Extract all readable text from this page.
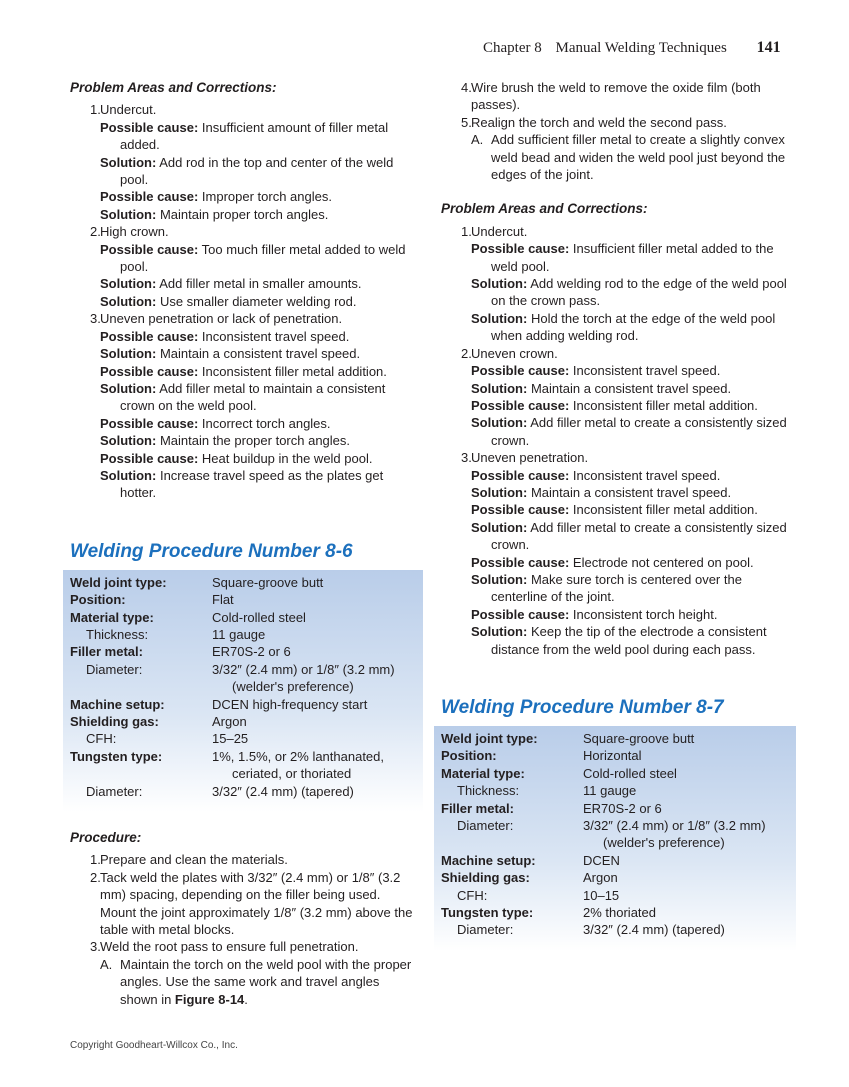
Chapter 8 Manual Welding Techniques 141
Problem Areas and Corrections:
1.Undercut.
Possible cause: Insufficient amount of filler metal added.
Solution: Add rod in the top and center of the weld pool.
Possible cause: Improper torch angles.
Solution: Maintain proper torch angles.
2.High crown.
Possible cause: Too much filler metal added to weld pool.
Solution: Add filler metal in smaller amounts.
Solution: Use smaller diameter welding rod.
3.Uneven penetration or lack of penetration.
Possible cause: Inconsistent travel speed.
Solution: Maintain a consistent travel speed.
Possible cause: Inconsistent filler metal addition.
Solution: Add filler metal to maintain a consistent crown on the weld pool.
Possible cause: Incorrect torch angles.
Solution: Maintain the proper torch angles.
Possible cause: Heat buildup in the weld pool.
Solution: Increase travel speed as the plates get hotter.
Welding Procedure Number 8-6
Weld joint type:	Square-groove butt
Position:	Flat
Material type:	Cold-rolled steel
Thickness:	11 gauge
Filler metal:	ER70S-2 or 6
Diameter:	3/32″ (2.4 mm) or 1/8″ (3.2 mm) (welder's preference)
Machine setup:	DCEN high-frequency start
Shielding gas:	Argon
CFH:	15–25
Tungsten type:	1%, 1.5%, or 2% lanthanated, ceriated, or thoriated
Diameter:	3/32″ (2.4 mm) (tapered)
Procedure:
1.Prepare and clean the materials.
2.Tack weld the plates with 3/32″ (2.4 mm) or 1/8″ (3.2 mm) spacing, depending on the filler being used. Mount the joint approximately 1/8″ (3.2 mm) above the table with metal blocks.
3.Weld the root pass to ensure full penetration.
A. Maintain the torch on the weld pool with the proper angles. Use the same work and travel angles shown in Figure 8-14.
4.Wire brush the weld to remove the oxide film (both passes).
5.Realign the torch and weld the second pass.
A. Add sufficient filler metal to create a slightly convex weld bead and widen the weld pool just beyond the edges of the joint.
Problem Areas and Corrections:
1.Undercut.
Possible cause: Insufficient filler metal added to the weld pool.
Solution: Add welding rod to the edge of the weld pool on the crown pass.
Solution: Hold the torch at the edge of the weld pool when adding welding rod.
2.Uneven crown.
Possible cause: Inconsistent travel speed.
Solution: Maintain a consistent travel speed.
Possible cause: Inconsistent filler metal addition.
Solution: Add filler metal to create a consistently sized crown.
3.Uneven penetration.
Possible cause: Inconsistent travel speed.
Solution: Maintain a consistent travel speed.
Possible cause: Inconsistent filler metal addition.
Solution: Add filler metal to create a consistently sized crown.
Possible cause: Electrode not centered on pool.
Solution: Make sure torch is centered over the centerline of the joint.
Possible cause: Inconsistent torch height.
Solution: Keep the tip of the electrode a consistent distance from the weld pool during each pass.
Welding Procedure Number 8-7
Weld joint type:	Square-groove butt
Position:	Horizontal
Material type:	Cold-rolled steel
Thickness:	11 gauge
Filler metal:	ER70S-2 or 6
Diameter:	3/32″ (2.4 mm) or 1/8″ (3.2 mm) (welder's preference)
Machine setup:	DCEN
Shielding gas:	Argon
CFH:	10–15
Tungsten type:	2% thoriated
Diameter:	3/32″ (2.4 mm) (tapered)
Copyright Goodheart-Willcox Co., Inc.
